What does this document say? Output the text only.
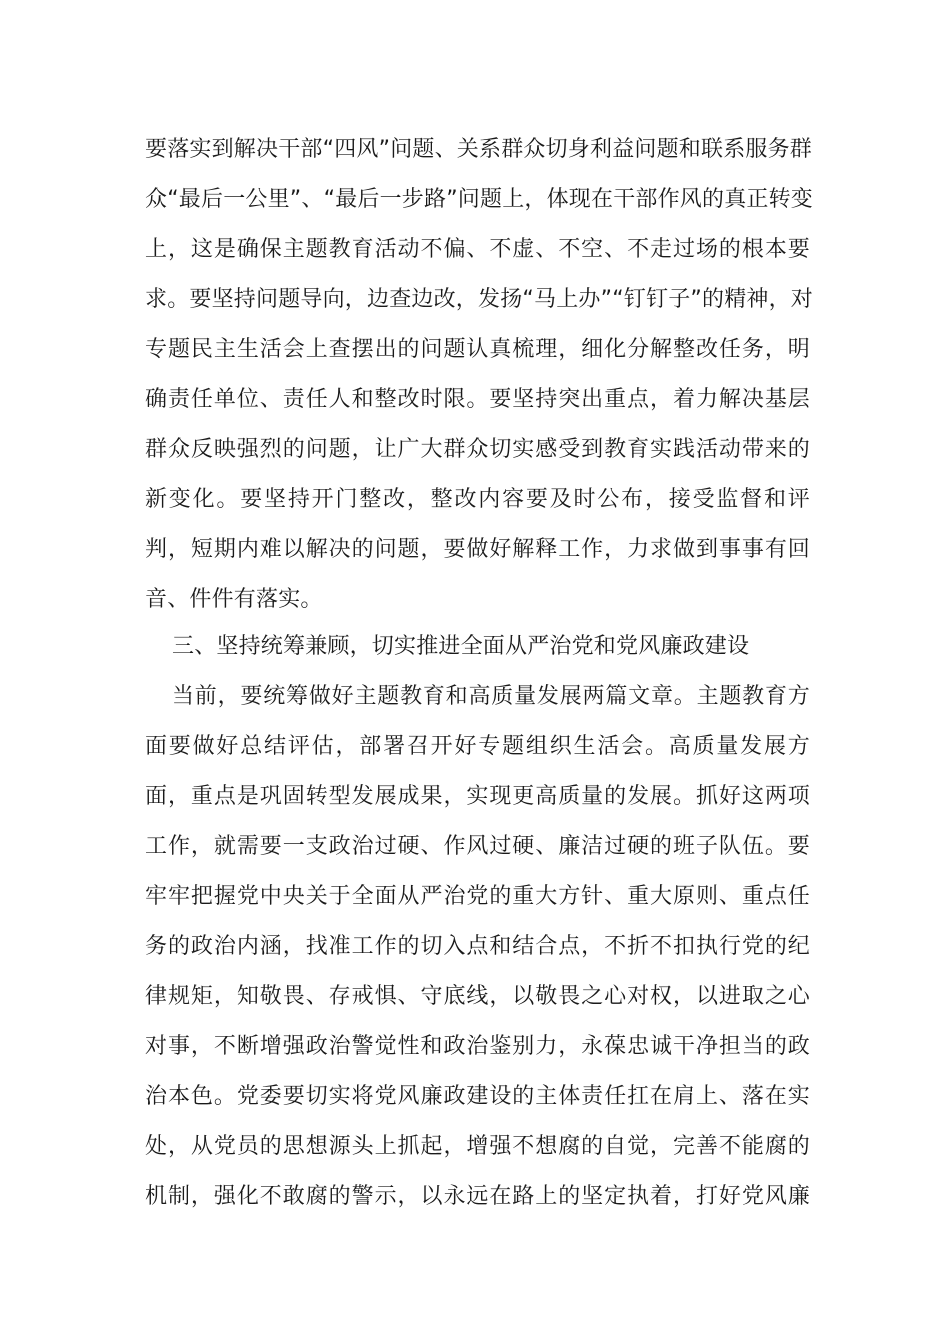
要落实到解决干部“四风”问题、关系群众切身利益问题和联系服务群
众“最后一公里”、“最后一步路”问题上，体现在干部作风的真正转变
上，这是确保主题教育活动不偏、不虚、不空、不走过场的根本要
求。要坚持问题导向，边查边改，发扬“马上办”“钉钉子”的精神，对
专题民主生活会上查摆出的问题认真梳理，细化分解整改任务，明
确责任单位、责任人和整改时限。要坚持突出重点，着力解决基层
群众反映强烈的问题，让广大群众切实感受到教育实践活动带来的
新变化。要坚持开门整改，整改内容要及时公布，接受监督和评
判，短期内难以解决的问题，要做好解释工作，力求做到事事有回
音、件件有落实。
三、坚持统筹兼顾，切实推进全面从严治党和党风廉政建设
当前，要统筹做好主题教育和高质量发展两篇文章。主题教育方
面要做好总结评估，部署召开好专题组织生活会。高质量发展方
面，重点是巩固转型发展成果，实现更高质量的发展。抓好这两项
工作，就需要一支政治过硬、作风过硬、廉洁过硬的班子队伍。要
牢牢把握党中央关于全面从严治党的重大方针、重大原则、重点任
务的政治内涵，找准工作的切入点和结合点，不折不扣执行党的纪
律规矩，知敬畏、存戒惧、守底线，以敬畏之心对权，以进取之心
对事，不断增强政治警觉性和政治鉴别力，永葆忠诚干净担当的政
治本色。党委要切实将党风廉政建设的主体责任扛在肩上、落在实
处，从党员的思想源头上抓起，增强不想腐的自觉，完善不能腐的
机制，强化不敢腐的警示，以永远在路上的坚定执着，打好党风廉
